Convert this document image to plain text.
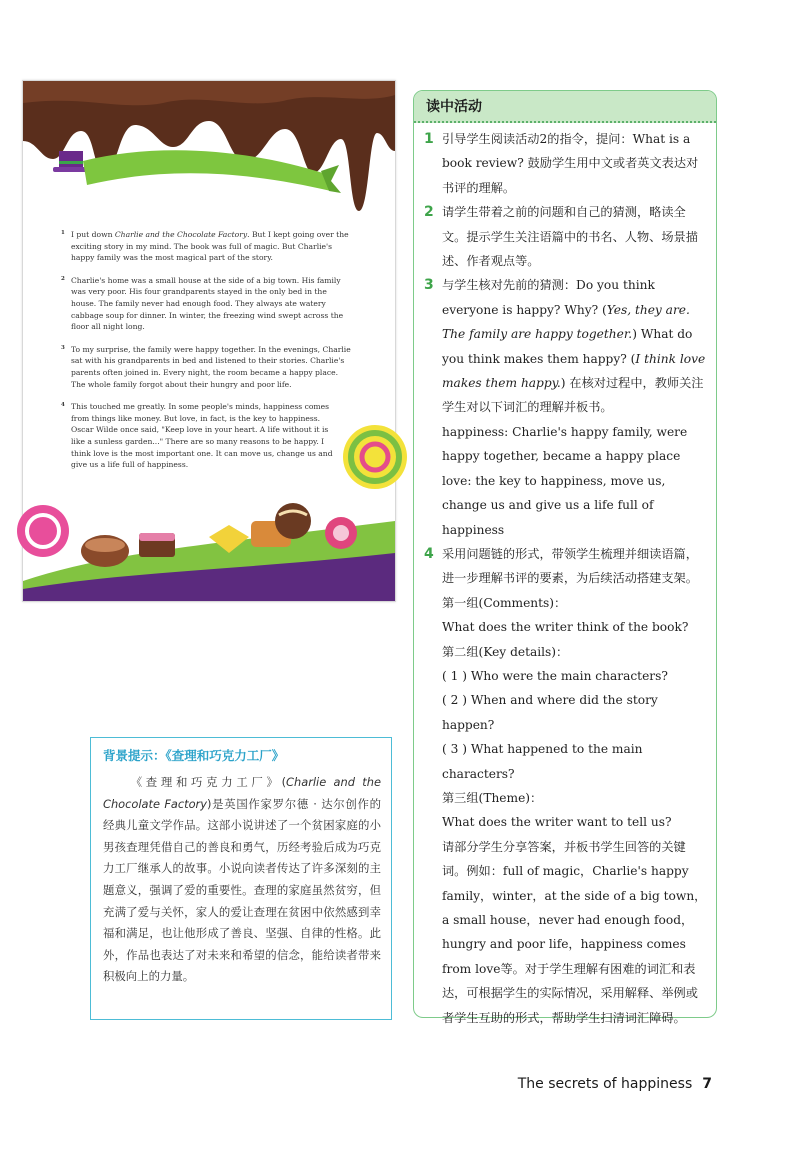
1 I put down Charlie and the Chocolate Factory. But I kept going over the exciting story in my mind. The book was full of magic. But Charlie's happy family was the most magical part of the story.
2 Charlie's home was a small house at the side of a big town. His family was very poor. His four grandparents stayed in the only bed in the house. The family never had enough food. They always ate watery cabbage soup for dinner. In winter, the freezing wind swept across the floor all night long.
3 To my surprise, the family were happy together. In the evenings, Charlie sat with his grandparents in bed and listened to their stories. Charlie's parents often joined in. Every night, the room became a happy place. The whole family forgot about their hungry and poor life.
4 This touched me greatly. In some people's minds, happiness comes from things like money. But love, in fact, is the key to happiness. Oscar Wilde once said, "Keep love in your heart. A life without it is like a sunless garden..." There are so many reasons to be happy. I think love is the most important one. It can move us, change us and give us a life full of happiness.
The secrets of happiness 5
背景提示：《查理和巧克力工厂》
《查理和巧克力工厂》(Charlie and the Chocolate Factory)是英国作家罗尔德 · 达尔创作的经典儿童文学作品。这部小说讲述了一个贫困家庭的小男孩查理凭借自己的善良和勇气，历经考验后成为巧克力工厂继承人的故事。小说向读者传达了许多深刻的主题意义，强调了爱的重要性。查理的家庭虽然贫穷，但充满了爱与关怀，家人的爱让查理在贫困中依然感到幸福和满足，也让他形成了善良、坚强、自律的性格。此外，作品也表达了对未来和希望的信念，能给读者带来积极向上的力量。
读中活动
1 引导学生阅读活动2的指令，提问：What is a book review? 鼓励学生用中文或者英文表达对书评的理解。
2 请学生带着之前的问题和自己的猜测，略读全文。提示学生关注语篇中的书名、人物、场景描述、作者观点等。
3 与学生核对先前的猜测：Do you think everyone is happy? Why? (Yes, they are. The family are happy together.) What do you think makes them happy? (I think love makes them happy.) 在核对过程中，教师关注学生对以下词汇的理解并板书。
happiness: Charlie's happy family, were happy together, became a happy place
love: the key to happiness, move us, change us and give us a life full of happiness
4 采用问题链的形式，带领学生梳理并细读语篇，进一步理解书评的要素，为后续活动搭建支架。
第一组(Comments)：
What does the writer think of the book?
第二组(Key details)：
( 1 ) Who were the main characters?
( 2 ) When and where did the story happen?
( 3 ) What happened to the main characters?
第三组(Theme)：
What does the writer want to tell us?
请部分学生分享答案，并板书学生回答的关键词。例如：full of magic，Charlie's happy family，winter，at the side of a big town，a small house，never had enough food，hungry and poor life，happiness comes from love等。对于学生理解有困难的词汇和表达，可根据学生的实际情况，采用解释、举例或者学生互助的形式，帮助学生扫清词汇障碍。
The secrets of happiness 7
